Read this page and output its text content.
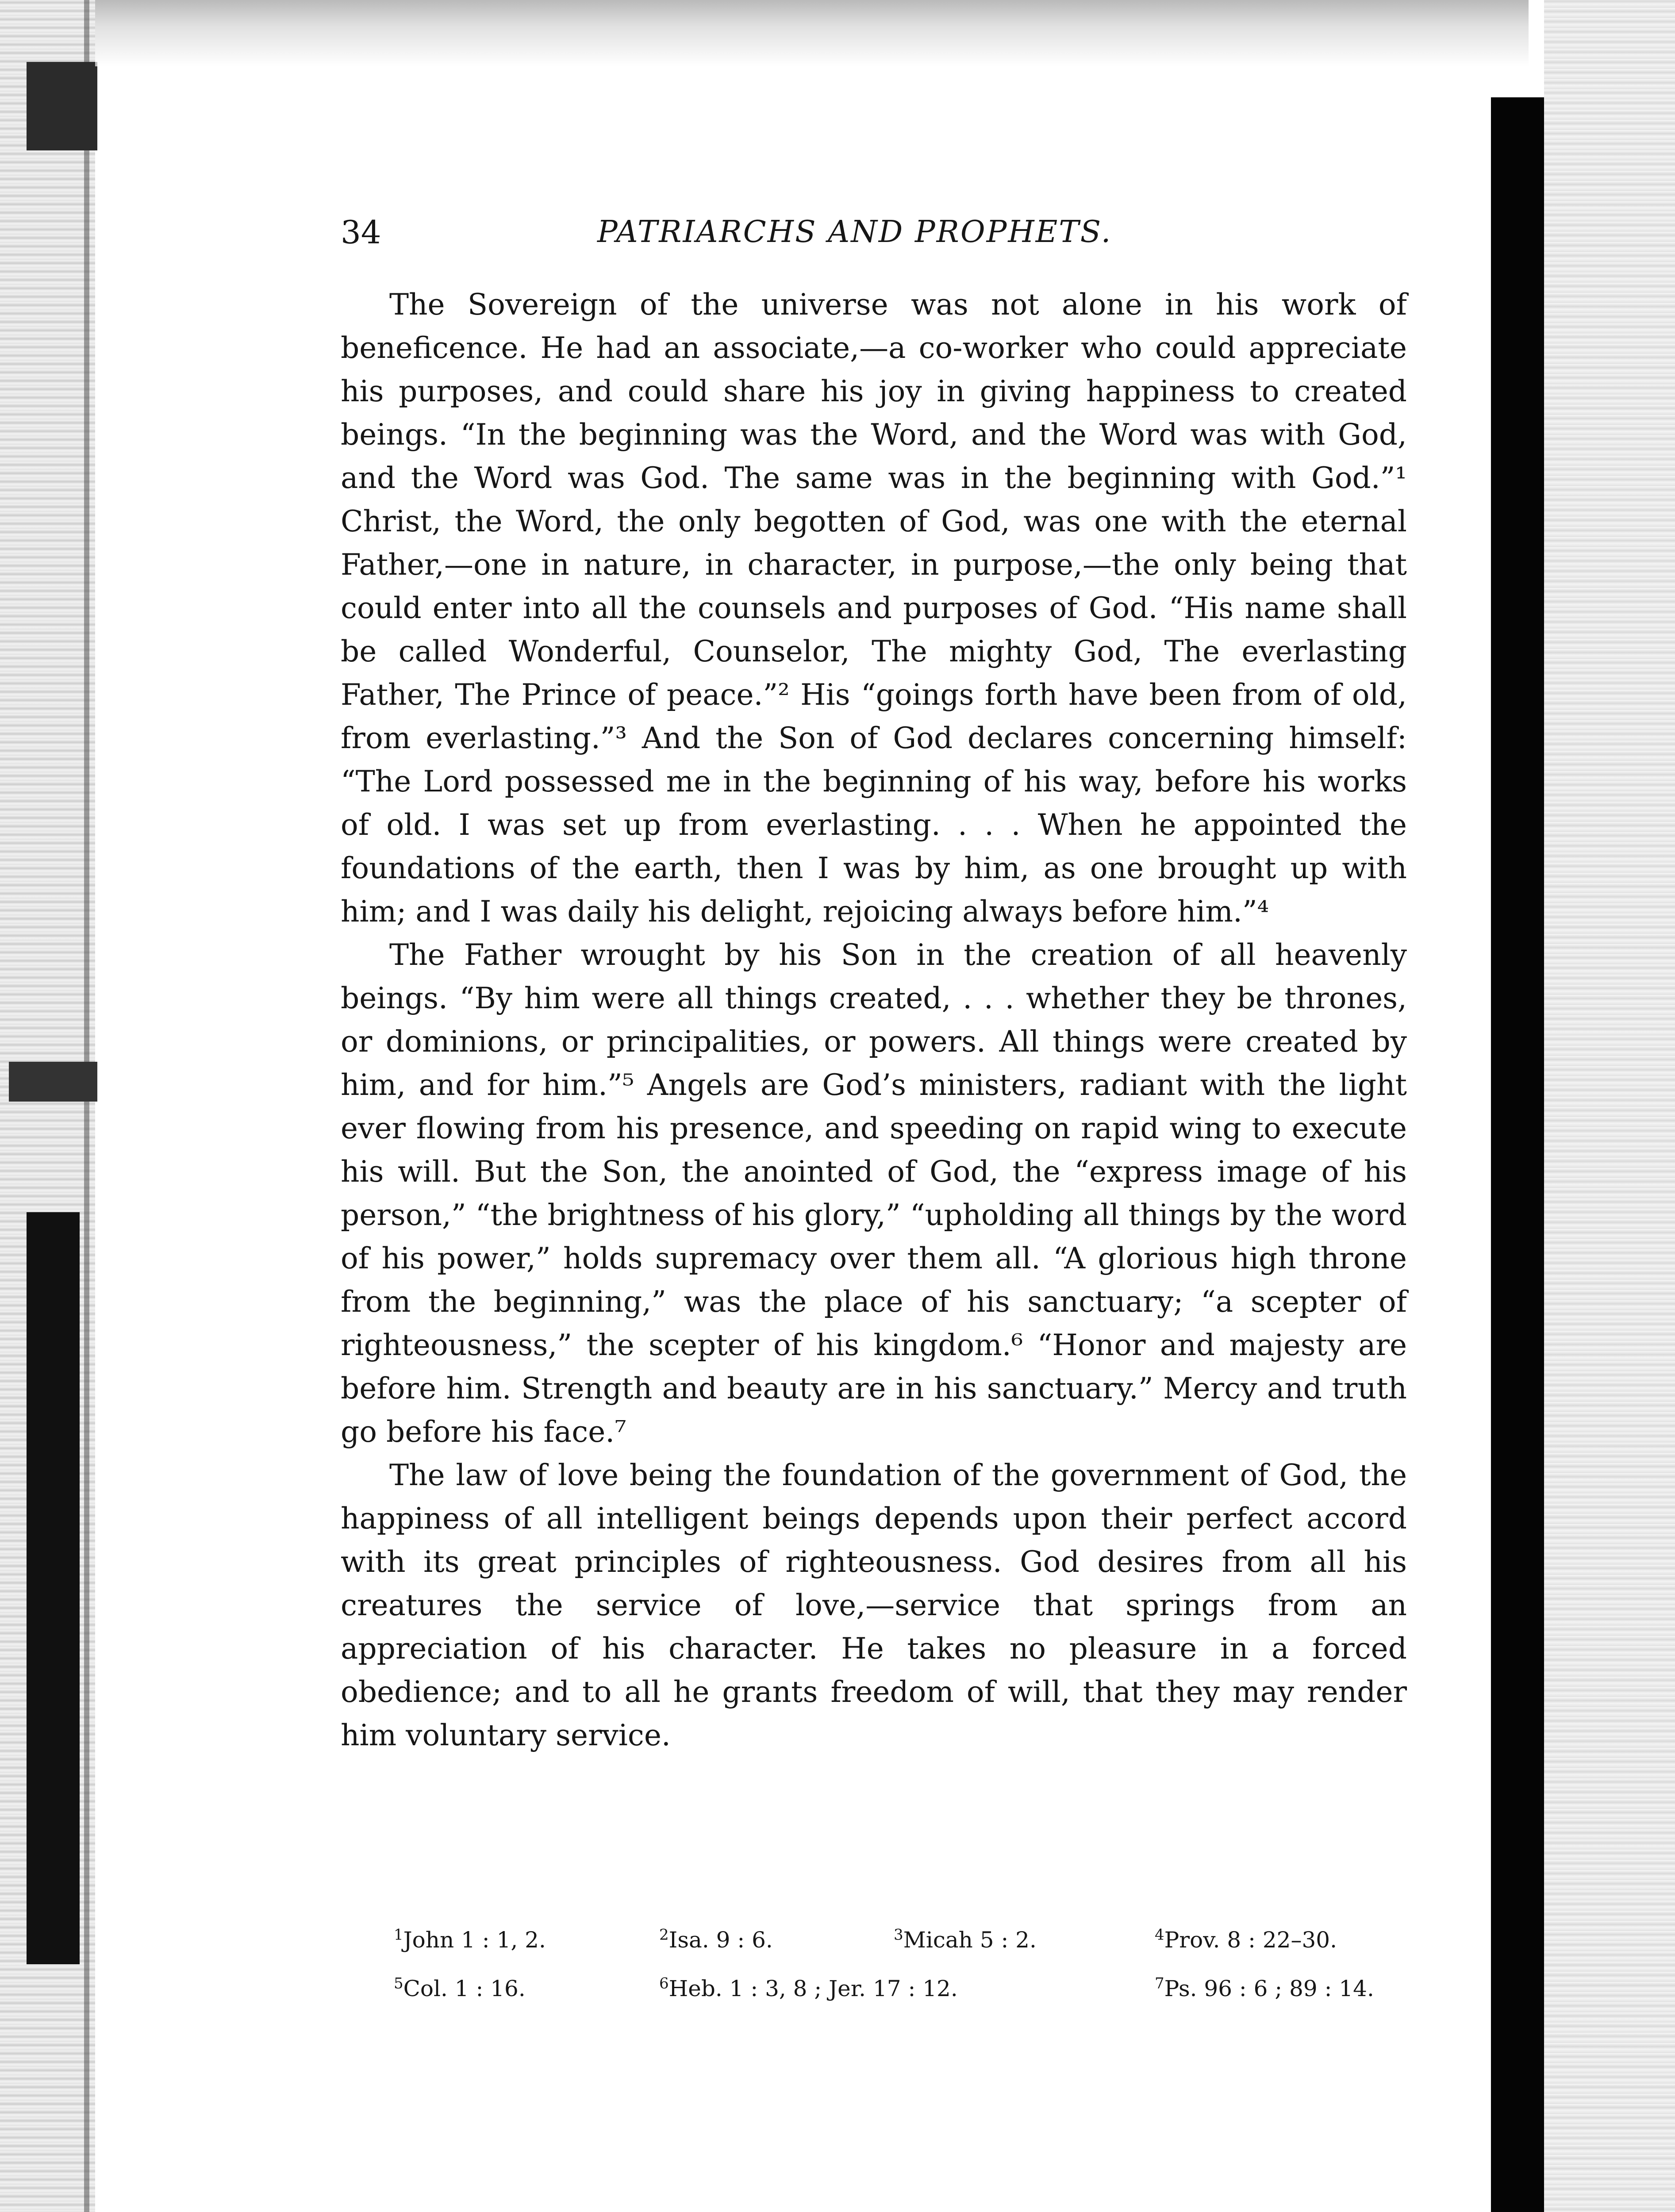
34	PATRIARCHS AND PROPHETS.

The Sovereign of the universe was not alone in his work of beneficence. He had an associate,—a co-worker who could appreciate his purposes, and could share his joy in giving happiness to created beings. “In the beginning was the Word, and the Word was with God, and the Word was God. The same was in the beginning with God.”¹ Christ, the Word, the only begotten of God, was one with the eternal Father,—one in nature, in character, in purpose,—the only being that could enter into all the counsels and purposes of God. “His name shall be called Wonderful, Counselor, The mighty God, The everlasting Father, The Prince of peace.”² His “goings forth have been from of old, from everlasting.”³ And the Son of God declares concerning himself: “The Lord possessed me in the beginning of his way, before his works of old. I was set up from everlasting. . . . When he appointed the foundations of the earth, then I was by him, as one brought up with him; and I was daily his delight, rejoicing always before him.”⁴

The Father wrought by his Son in the creation of all heavenly beings. “By him were all things created, . . . whether they be thrones, or dominions, or principalities, or powers. All things were created by him, and for him.”⁵ Angels are God’s ministers, radiant with the light ever flowing from his presence, and speeding on rapid wing to execute his will. But the Son, the anointed of God, the “express image of his person,” “the brightness of his glory,” “upholding all things by the word of his power,” holds supremacy over them all. “A glorious high throne from the beginning,” was the place of his sanctuary; “a scepter of righteousness,” the scepter of his kingdom.⁶ “Honor and majesty are before him. Strength and beauty are in his sanctuary.” Mercy and truth go before his face.⁷

The law of love being the foundation of the government of God, the happiness of all intelligent beings depends upon their perfect accord with its great principles of righteousness. God desires from all his creatures the service of love,—service that springs from an appreciation of his character. He takes no pleasure in a forced obedience; and to all he grants freedom of will, that they may render him voluntary service.

$^1$John 1 : 1, 2.	$^2$Isa. 9 : 6.	$^3$Micah 5 : 2.	$^4$Prov. 8 : 22–30.
$^5$Col. 1 : 16.	$^6$Heb. 1 : 3, 8 ; Jer. 17 : 12.	$^7$Ps. 96 : 6 ; 89 : 14.
